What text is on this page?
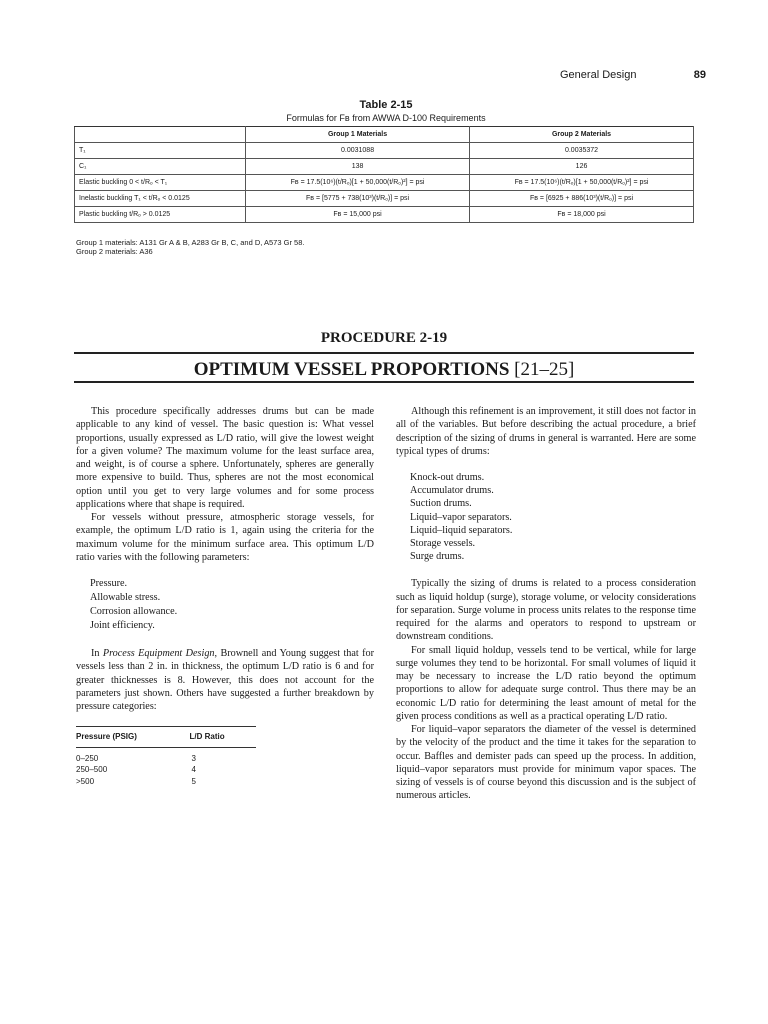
General Design	89
Table 2-15
Formulas for Fʙ from AWWA D-100 Requirements
	Group 1 Materials	Group 2 Materials
T₁	0.0031088	0.0035372
C₁	138	126
Elastic buckling 0 < t/Rₒ < T₁	Fʙ = 17.5(10⁶)(t/Rₒ)[1 + 50,000(t/Rₒ)²] = psi	Fʙ = 17.5(10⁶)(t/Rₒ)[1 + 50,000(t/Rₒ)²] = psi
Inelastic buckling T₁ < t/Rₒ < 0.0125	Fʙ = [5775 + 738(10³)(t/Rₒ)] = psi	Fʙ = [6925 + 886(10³)(t/Rₒ)] = psi
Plastic buckling t/Rₒ > 0.0125	Fʙ = 15,000 psi	Fʙ = 18,000 psi
Group 1 materials: A131 Gr A & B, A283 Gr B, C, and D, A573 Gr 58.
Group 2 materials: A36
PROCEDURE 2-19
OPTIMUM VESSEL PROPORTIONS [21–25]

This procedure specifically addresses drums but can be made applicable to any kind of vessel. The basic question is: What vessel proportions, usually expressed as L/D ratio, will give the lowest weight for a given volume? The maximum volume for the least surface area, and weight, is of course a sphere. Unfortunately, spheres are generally more expensive to build. Thus, spheres are not the most economical option until you get to very large volumes and for some process applications where that shape is required.

For vessels without pressure, atmospheric storage vessels, for example, the optimum L/D ratio is 1, again using the criteria for the maximum volume for the minimum surface area. This optimum L/D ratio varies with the following parameters:

Pressure.
Allowable stress.
Corrosion allowance.
Joint efficiency.

In Process Equipment Design, Brownell and Young suggest that for vessels less than 2 in. in thickness, the optimum L/D ratio is 6 and for greater thicknesses is 8. However, this does not account for the parameters just shown. Others have suggested a further breakdown by pressure categories:

Pressure (PSIG)	L/D Ratio
0–250	3
250–500	4
>500	5

Although this refinement is an improvement, it still does not factor in all of the variables. But before describing the actual procedure, a brief description of the sizing of drums in general is warranted. Here are some typical types of drums:

Knock-out drums.
Accumulator drums.
Suction drums.
Liquid–vapor separators.
Liquid–liquid separators.
Storage vessels.
Surge drums.

Typically the sizing of drums is related to a process consideration such as liquid holdup (surge), storage volume, or velocity considerations for separation. Surge volume in process units relates to the response time required for the alarms and operators to respond to upstream or downstream conditions.

For small liquid holdup, vessels tend to be vertical, while for large surge volumes they tend to be horizontal. For small volumes of liquid it may be necessary to increase the L/D ratio beyond the optimum proportions to allow for adequate surge control. Thus there may be an economic L/D ratio for determining the least amount of metal for the given process conditions as well as a practical operating L/D ratio.

For liquid–vapor separators the diameter of the vessel is determined by the velocity of the product and the time it takes for the separation to occur. Baffles and demister pads can speed up the process. In addition, liquid–vapor separators must provide for minimum vapor spaces. The sizing of vessels is of course beyond this discussion and is the subject of numerous articles.
